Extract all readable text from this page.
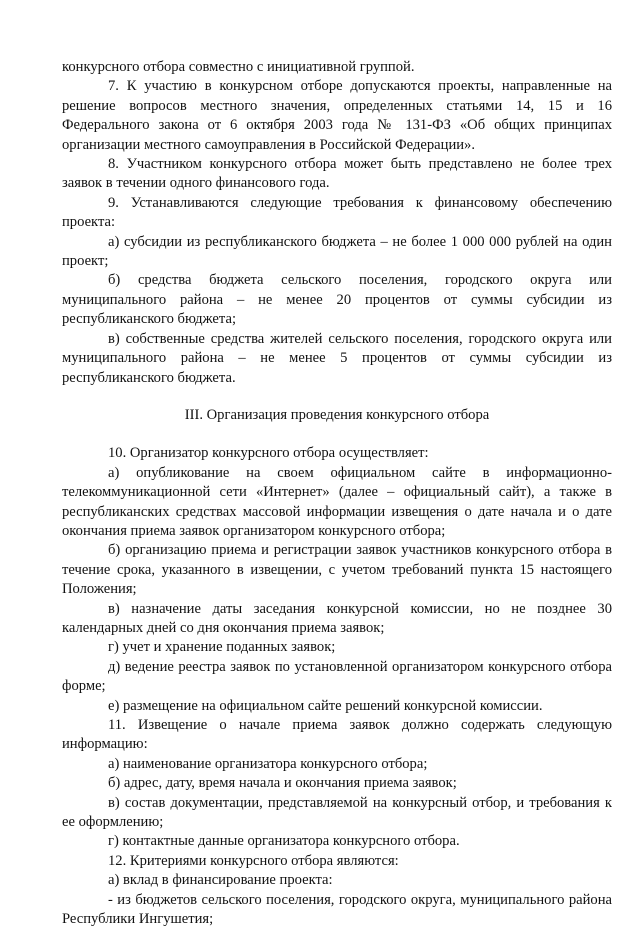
конкурсного отбора совместно с инициативной группой.

7. К участию в конкурсном отборе допускаются проекты, направленные на решение вопросов местного значения, определенных статьями 14, 15 и 16 Федерального закона от 6 октября 2003 года № 131-ФЗ «Об общих принципах организации местного самоуправления в Российской Федерации».

8. Участником конкурсного отбора может быть представлено не более трех заявок в течении одного финансового года.

9. Устанавливаются следующие требования к финансовому обеспечению проекта:

а) субсидии из республиканского бюджета – не более 1 000 000 рублей на один проект;

б) средства бюджета сельского поселения, городского округа или муниципального района – не менее 20 процентов от суммы субсидии из республиканского бюджета;

в) собственные средства жителей сельского поселения, городского округа или муниципального района – не менее 5 процентов от суммы субсидии из республиканского бюджета.

III. Организация проведения конкурсного отбора

10. Организатор конкурсного отбора осуществляет:

а) опубликование на своем официальном сайте в информационно-телекоммуникационной сети «Интернет» (далее – официальный сайт), а также в республиканских средствах массовой информации извещения о дате начала и о дате окончания приема заявок организатором конкурсного отбора;

б) организацию приема и регистрации заявок участников конкурсного отбора в течение срока, указанного в извещении, с учетом требований пункта 15 настоящего Положения;

в) назначение даты заседания конкурсной комиссии, но не позднее 30 календарных дней со дня окончания приема заявок;

г) учет и хранение поданных заявок;

д) ведение реестра заявок по установленной организатором конкурсного отбора форме;

е) размещение на официальном сайте решений конкурсной комиссии.

11. Извещение о начале приема заявок должно содержать следующую информацию:

а) наименование организатора конкурсного отбора;

б) адрес, дату, время начала и окончания приема заявок;

в) состав документации, представляемой на конкурсный отбор, и требования к ее оформлению;

г) контактные данные организатора конкурсного отбора.

12. Критериями конкурсного отбора являются:

а) вклад в финансирование проекта:

- из бюджетов сельского поселения, городского округа, муниципального района Республики Ингушетия;
